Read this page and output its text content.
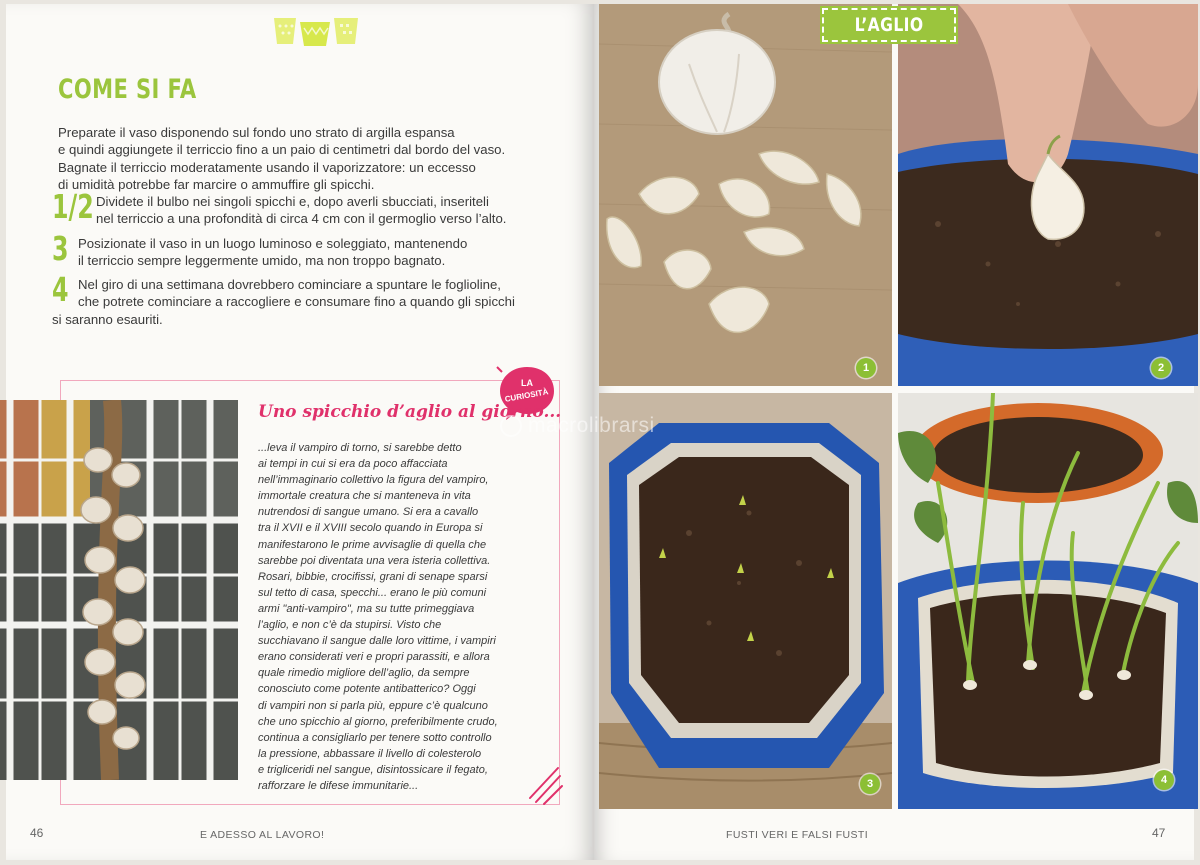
COME SI FA
Preparate il vaso disponendo sul fondo uno strato di argilla espansa
e quindi aggiungete il terriccio fino a un paio di centimetri dal bordo del vaso.
Bagnate il terriccio moderatamente usando il vaporizzatore: un eccesso
di umidità potrebbe far marcire o ammuffire gli spicchi.
1/2 Dividete il bulbo nei singoli spicchi e, dopo averli sbucciati, inseriteli
nel terriccio a una profondità di circa 4 cm con il germoglio verso l’alto.
3 Posizionate il vaso in un luogo luminoso e soleggiato, mantenendo
il terriccio sempre leggermente umido, ma non troppo bagnato.
4 Nel giro di una settimana dovrebbero cominciare a spuntare le foglioline,
che potrete cominciare a raccogliere e consumare fino a quando gli spicchi
si saranno esauriti.
LA
CURIOSITÀ
Uno spicchio d’aglio al giorno...
...leva il vampiro di torno, si sarebbe detto
ai tempi in cui si era da poco affacciata
nell’immaginario collettivo la figura del vampiro,
immortale creatura che si manteneva in vita
nutrendosi di sangue umano. Si era a cavallo
tra il XVII e il XVIII secolo quando in Europa si
manifestarono le prime avvisaglie di quella che
sarebbe poi diventata una vera isteria collettiva.
Rosari, bibbie, crocifissi, grani di senape sparsi
sul tetto di casa, specchi... erano le più comuni
armi "anti-vampiro", ma su tutte primeggiava
l’aglio, e non c’è da stupirsi. Visto che
succhiavano il sangue dalle loro vittime, i vampiri
erano considerati veri e propri parassiti, e allora
quale rimedio migliore dell’aglio, da sempre
conosciuto come potente antibatterico? Oggi
di vampiri non si parla più, eppure c’è qualcuno
che uno spicchio al giorno, preferibilmente crudo,
continua a consigliarlo per tenere sotto controllo
la pressione, abbassare il livello di colesterolo
e trigliceridi nel sangue, disintossicare il fegato,
rafforzare le difese immunitarie...
46	E ADESSO AL LAVORO!
L’AGLIO
1	2
3	4
macrolibrarsi
FUSTI VERI E FALSI FUSTI	47
